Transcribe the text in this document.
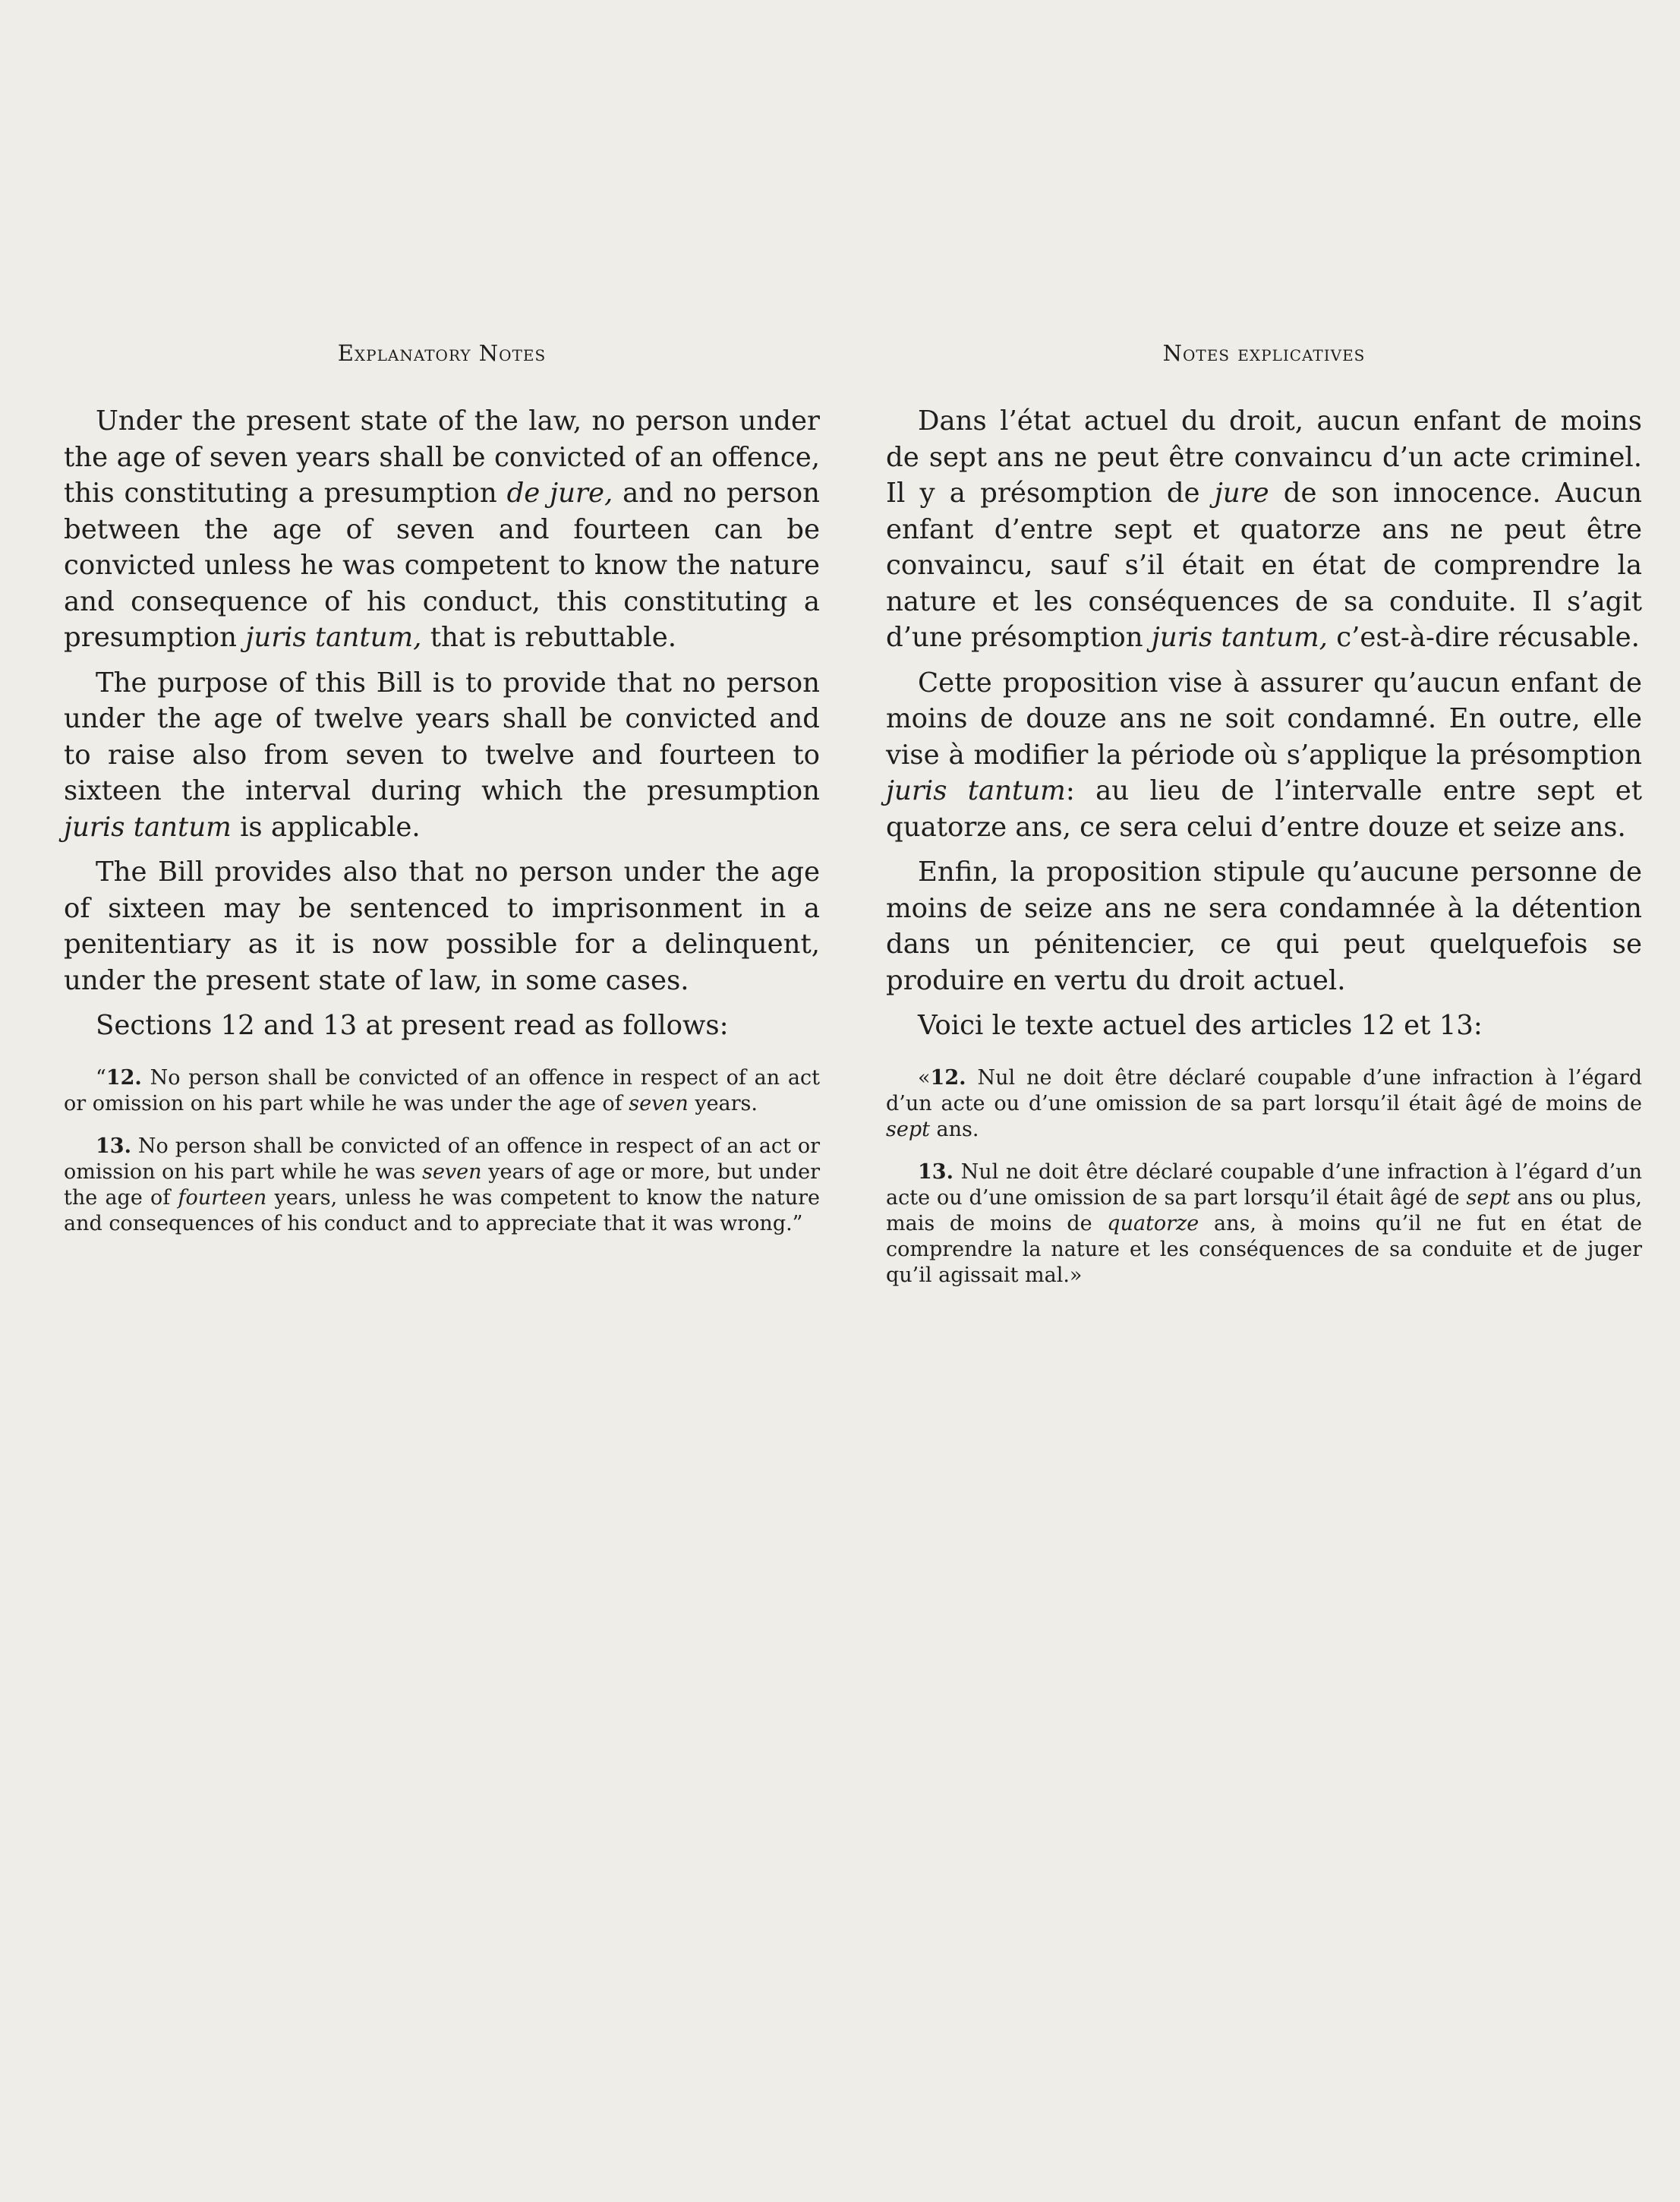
Explanatory Notes

Under the present state of the law, no person under the age of seven years shall be convicted of an offence, this constituting a presumption de jure, and no person between the age of seven and fourteen can be convicted unless he was competent to know the nature and consequence of his conduct, this constituting a presumption juris tantum, that is rebuttable.

The purpose of this Bill is to provide that no person under the age of twelve years shall be convicted and to raise also from seven to twelve and fourteen to sixteen the interval during which the presumption juris tantum is applicable.

The Bill provides also that no person under the age of sixteen may be sentenced to imprisonment in a penitentiary as it is now possible for a delinquent, under the present state of law, in some cases.

Sections 12 and 13 at present read as follows:

“12. No person shall be convicted of an offence in respect of an act or omission on his part while he was under the age of seven years.

13. No person shall be convicted of an offence in respect of an act or omission on his part while he was seven years of age or more, but under the age of fourteen years, unless he was competent to know the nature and consequences of his conduct and to appreciate that it was wrong.”

Notes explicatives

Dans l’état actuel du droit, aucun enfant de moins de sept ans ne peut être convaincu d’un acte criminel. Il y a présomption de jure de son innocence. Aucun enfant d’entre sept et quatorze ans ne peut être convaincu, sauf s’il était en état de comprendre la nature et les conséquences de sa conduite. Il s’agit d’une présomption juris tantum, c’est-à-dire récusable.

Cette proposition vise à assurer qu’aucun enfant de moins de douze ans ne soit condamné. En outre, elle vise à modifier la période où s’applique la présomption juris tantum: au lieu de l’intervalle entre sept et quatorze ans, ce sera celui d’entre douze et seize ans.

Enfin, la proposition stipule qu’aucune personne de moins de seize ans ne sera condamnée à la détention dans un pénitencier, ce qui peut quelquefois se produire en vertu du droit actuel.

Voici le texte actuel des articles 12 et 13:

«12. Nul ne doit être déclaré coupable d’une infraction à l’égard d’un acte ou d’une omission de sa part lorsqu’il était âgé de moins de sept ans.

13. Nul ne doit être déclaré coupable d’une infraction à l’égard d’un acte ou d’une omission de sa part lorsqu’il était âgé de sept ans ou plus, mais de moins de quatorze ans, à moins qu’il ne fut en état de comprendre la nature et les conséquences de sa conduite et de juger qu’il agissait mal.»
